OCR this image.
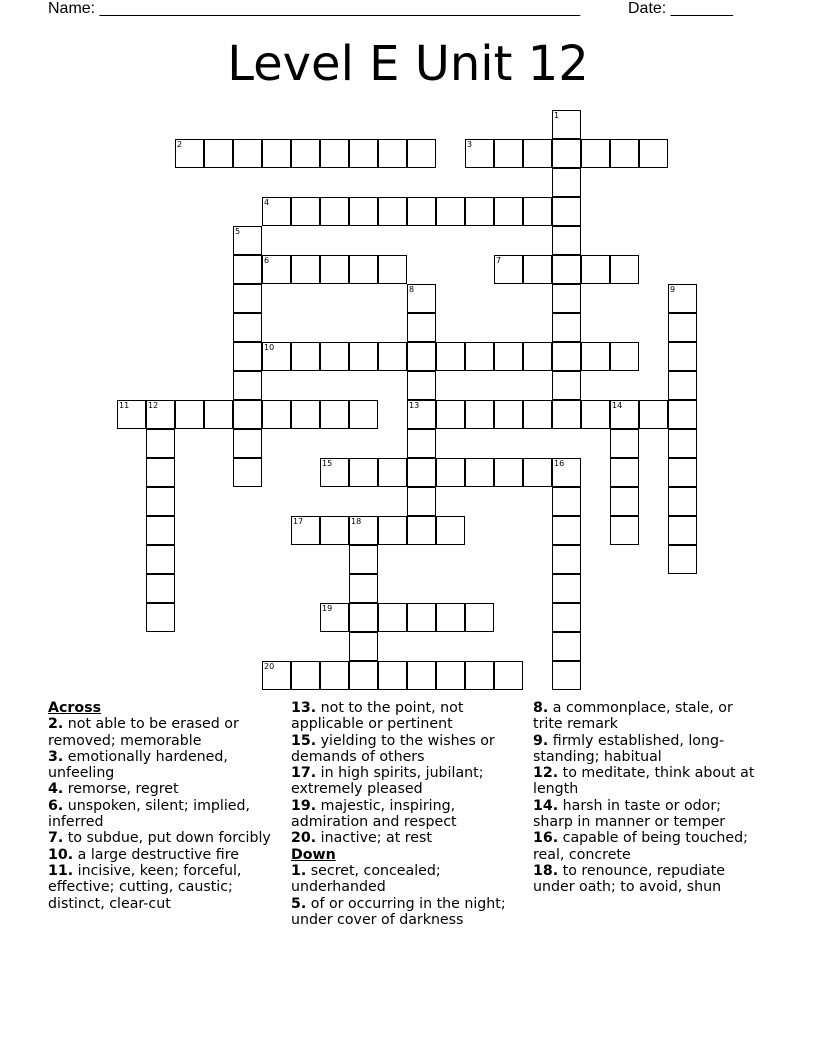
Name: ______________________________________________________	Date: _______
Level E Unit 12
1
2	3
4
5
6	7
8
13
9
10
11 12	14
15	16
17	18
19
20
Across
2. not able to be erased or removed; memorable
3. emotionally hardened, unfeeling
4. remorse, regret
6. unspoken, silent; implied, inferred
7. to subdue, put down forcibly
10. a large destructive fire
11. incisive, keen; forceful, effective; cutting, caustic; distinct, clear-cut
13. not to the point, not applicable or pertinent
15. yielding to the wishes or demands of others
17. in high spirits, jubilant; extremely pleased
19. majestic, inspiring, admiration and respect
20. inactive; at rest
Down
1. secret, concealed; underhanded
5. of or occurring in the night; under cover of darkness
8. a commonplace, stale, or trite remark
9. firmly established, long-standing; habitual
12. to meditate, think about at length
14. harsh in taste or odor; sharp in manner or temper
16. capable of being touched; real, concrete
18. to renounce, repudiate under oath; to avoid, shun
